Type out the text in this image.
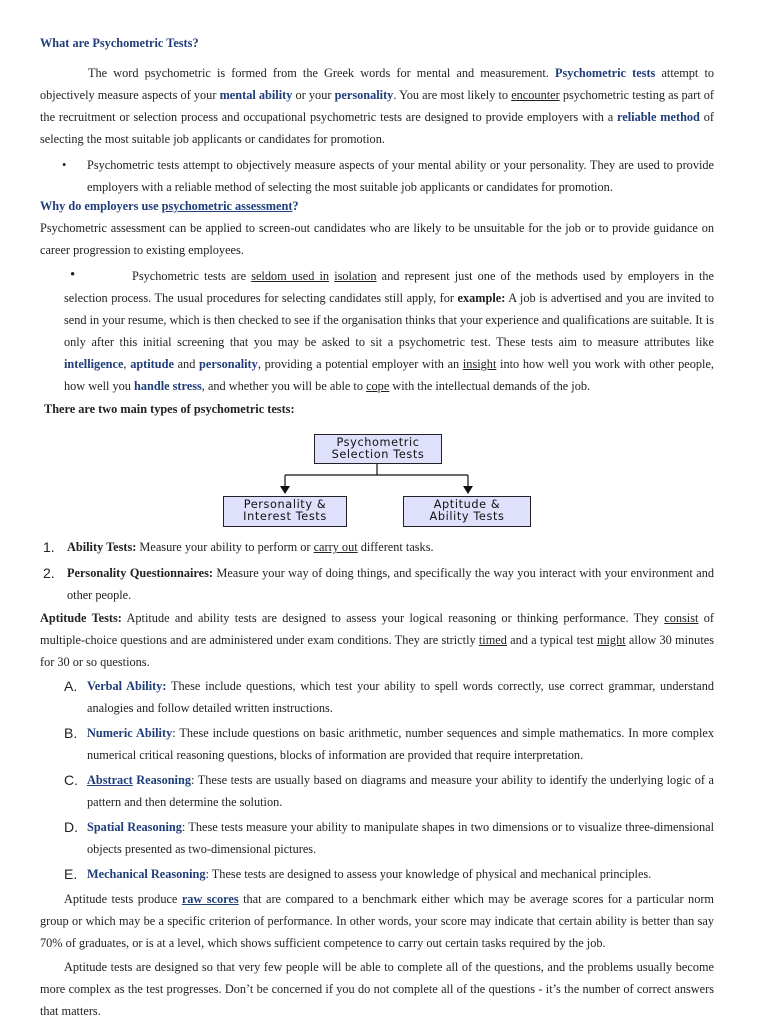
What are Psychometric Tests?

The word psychometric is formed from the Greek words for mental and measurement. Psychometric tests attempt to objectively measure aspects of your mental ability or your personality. You are most likely to encounter psychometric testing as part of the recruitment or selection process and occupational psychometric tests are designed to provide employers with a reliable method of selecting the most suitable job applicants or candidates for promotion.

• Psychometric tests attempt to objectively measure aspects of your mental ability or your personality. They are used to provide employers with a reliable method of selecting the most suitable job applicants or candidates for promotion.

Why do employers use psychometric assessment?

Psychometric assessment can be applied to screen-out candidates who are likely to be unsuitable for the job or to provide guidance on career progression to existing employees.

•	Psychometric tests are seldom used in isolation and represent just one of the methods used by employers in the selection process. The usual procedures for selecting candidates still apply, for example: A job is advertised and you are invited to send in your resume, which is then checked to see if the organisation thinks that your experience and qualifications are suitable. It is only after this initial screening that you may be asked to sit a psychometric test. These tests aim to measure attributes like intelligence, aptitude and personality, providing a potential employer with an insight into how well you work with other people, how well you handle stress, and whether you will be able to cope with the intellectual demands of the job.

There are two main types of psychometric tests:

Psychometric
Selection Tests
Personality &
Interest Tests
Aptitude &
Ability Tests
1. Ability Tests: Measure your ability to perform or carry out different tasks.
2. Personality Questionnaires: Measure your way of doing things, and specifically the way you interact with your environment and other people.

Aptitude Tests: Aptitude and ability tests are designed to assess your logical reasoning or thinking performance. They consist of multiple-choice questions and are administered under exam conditions. They are strictly timed and a typical test might allow 30 minutes for 30 or so questions.

A. Verbal Ability: These include questions, which test your ability to spell words correctly, use correct grammar, understand analogies and follow detailed written instructions.
B. Numeric Ability: These include questions on basic arithmetic, number sequences and simple mathematics. In more complex numerical critical reasoning questions, blocks of information are provided that require interpretation.
C. Abstract Reasoning: These tests are usually based on diagrams and measure your ability to identify the underlying logic of a pattern and then determine the solution.
D. Spatial Reasoning: These tests measure your ability to manipulate shapes in two dimensions or to visualize three-dimensional objects presented as two-dimensional pictures.
E. Mechanical Reasoning: These tests are designed to assess your knowledge of physical and mechanical principles.

Aptitude tests produce raw scores that are compared to a benchmark either which may be average scores for a particular norm group or which may be a specific criterion of performance. In other words, your score may indicate that certain ability is better than say 70% of graduates, or is at a level, which shows sufficient competence to carry out certain tasks required by the job.

Aptitude tests are designed so that very few people will be able to complete all of the questions, and the problems usually become more complex as the test progresses. Don’t be concerned if you do not complete all of the questions - it’s the number of correct answers that matters.
